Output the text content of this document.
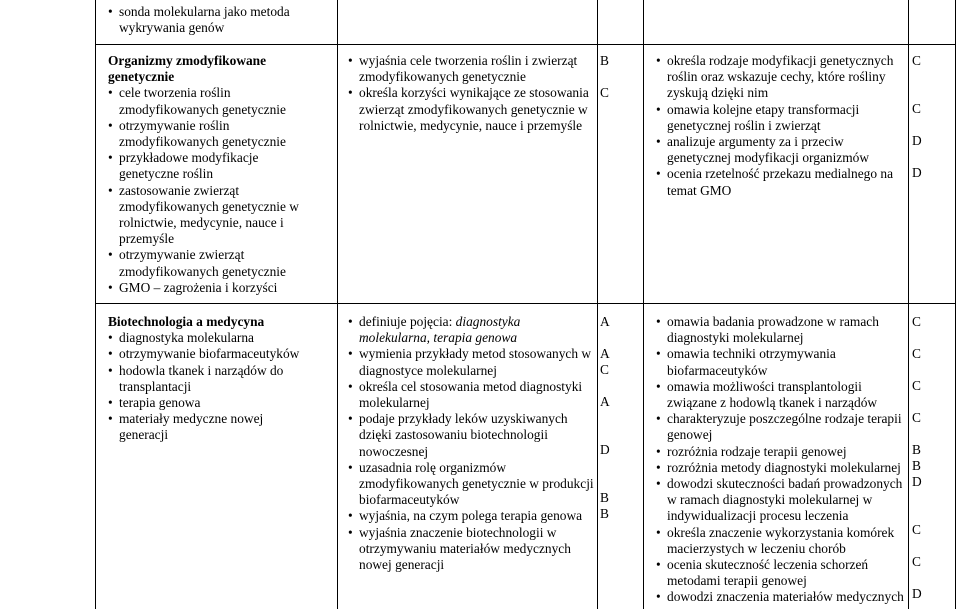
• sonda molekularna jako metoda wykrywania genów
Organizmy zmodyfikowane genetycznie
• cele tworzenia roślin zmodyfikowanych genetycznie
• otrzymywanie roślin zmodyfikowanych genetycznie
• przykładowe modyfikacje genetyczne roślin
• zastosowanie zwierząt zmodyfikowanych genetycznie w rolnictwie, medycynie, nauce i przemyśle
• otrzymywanie zwierząt zmodyfikowanych genetycznie
• GMO – zagrożenia i korzyści
• wyjaśnia cele tworzenia roślin i zwierząt zmodyfikowanych genetycznie
• określa korzyści wynikające ze stosowania zwierząt zmodyfikowanych genetycznie w rolnictwie, medycynie, nauce i przemyśle
B
C
• określa rodzaje modyfikacji genetycznych roślin oraz wskazuje cechy, które rośliny zyskują dzięki nim
• omawia kolejne etapy transformacji genetycznej roślin i zwierząt
• analizuje argumenty za i przeciw genetycznej modyfikacji organizmów
• ocenia rzetelność przekazu medialnego na temat GMO
C
C
D
D
Biotechnologia a medycyna
• diagnostyka molekularna
• otrzymywanie biofarmaceutyków
• hodowla tkanek i narządów do transplantacji
• terapia genowa
• materiały medyczne nowej generacji
• definiuje pojęcia: diagnostyka molekularna, terapia genowa
• wymienia przykłady metod stosowanych w diagnostyce molekularnej
• określa cel stosowania metod diagnostyki molekularnej
• podaje przykłady leków uzyskiwanych dzięki zastosowaniu biotechnologii nowoczesnej
• uzasadnia rolę organizmów zmodyfikowanych genetycznie w produkcji biofarmaceutyków
• wyjaśnia, na czym polega terapia genowa
• wyjaśnia znaczenie biotechnologii w otrzymywaniu materiałów medycznych nowej generacji
A
A
C
A
D
B
B
• omawia badania prowadzone w ramach diagnostyki molekularnej
• omawia techniki otrzymywania biofarmaceutyków
• omawia możliwości transplantologii związane z hodowlą tkanek i narządów
• charakteryzuje poszczególne rodzaje terapii genowej
• rozróżnia rodzaje terapii genowej
• rozróżnia metody diagnostyki molekularnej
• dowodzi skuteczności badań prowadzonych w ramach diagnostyki molekularnej w indywidualizacji procesu leczenia
• określa znaczenie wykorzystania komórek macierzystych w leczeniu chorób
• ocenia skuteczność leczenia schorzeń metodami terapii genowej
• dowodzi znaczenia materiałów medycznych
C
C
C
C
B
B
D
C
C
D
